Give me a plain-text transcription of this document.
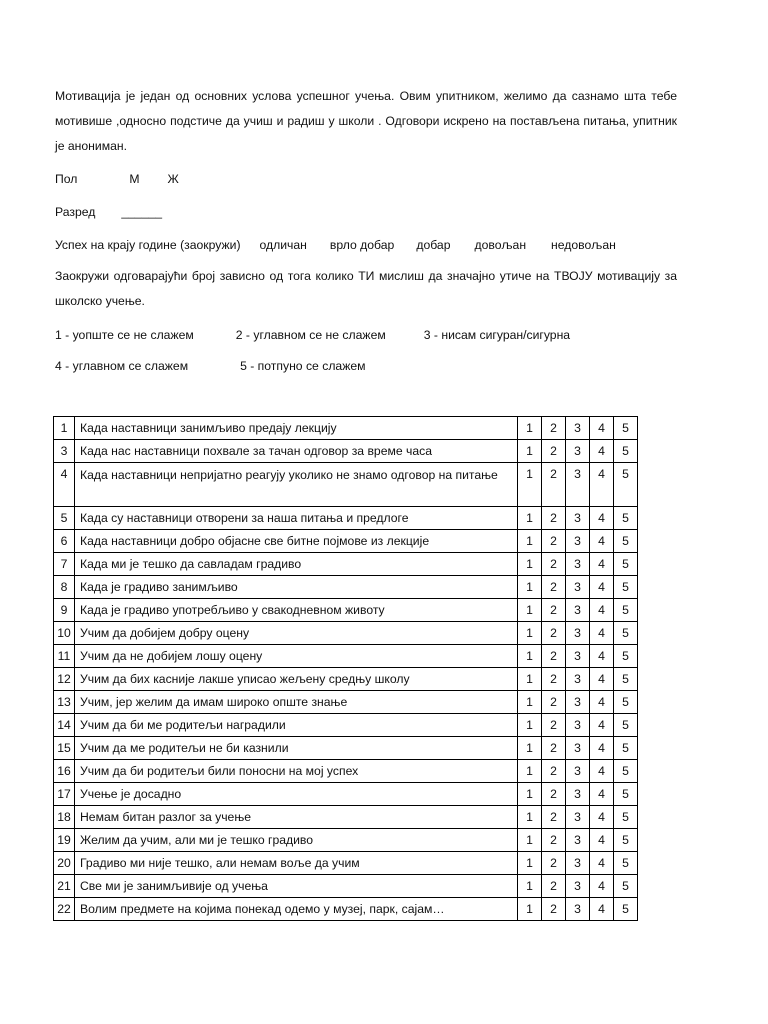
Мотивација је један од основних услова успешног учења. Овим упитником, желимо да сазнамо шта тебе мотивише ,односно подстиче да учиш и радиш у школи . Одговори искрено на постављена питања, упитник је анониман.

Пол	М Ж

Разред ______

Успех на крају године (заокружи) одличан врло добар добар довољан недовољан

Заокружи одговарајући број зависно од тога колико ТИ мислиш да значајно утиче на ТВОЈУ мотивацију за школско учење.

1 - уопште се не слажем	2 - углавном се не слажем	3 - нисам сигуран/сигурна

4 - углавном се слажем	5 - потпуно се слажем

1	Када наставници занимљиво предају лекцију	1	2	3	4	5
3	Када нас наставници похвале за тачан одговор за време часа	1	2	3	4	5
4	Када наставници непријатно реагују уколико не знамо одговор на питање	1	2	3	4	5
5	Када су наставници отворени за наша питања и предлоге	1	2	3	4	5
6	Када наставници добро објасне све битне појмове из лекције	1	2	3	4	5
7	Када ми је тешко да савладам градиво	1	2	3	4	5
8	Када је градиво занимљиво	1	2	3	4	5
9	Када је градиво употребљиво у свакодневном животу	1	2	3	4	5
10	Учим да добијем добру оцену	1	2	3	4	5
11	Учим да не добијем лошу оцену	1	2	3	4	5
12	Учим да бих касније лакше уписао жељену средњу школу	1	2	3	4	5
13	Учим, јер желим да имам широко опште знање	1	2	3	4	5
14	Учим да би ме родитељи наградили	1	2	3	4	5
15	Учим да ме родитељи не би казнили	1	2	3	4	5
16	Учим да би родитељи били поносни на мој успех	1	2	3	4	5
17	Учење је досадно	1	2	3	4	5
18	Немам битан разлог за учење	1	2	3	4	5
19	Желим да учим, али ми је тешко градиво	1	2	3	4	5
20	Градиво ми није тешко, али немам воље да учим	1	2	3	4	5
21	Све ми је занимљивије од учења	1	2	3	4	5
22	Волим предмете на којима понекад одемо у музеј, парк, сајам…	1	2	3	4	5
